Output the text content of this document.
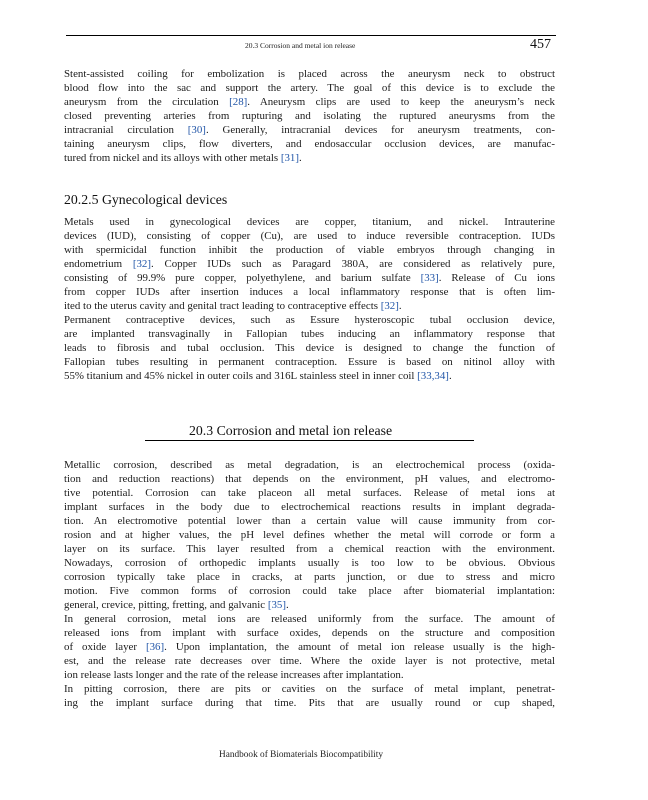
20.3 Corrosion and metal ion release	457

Stent-assisted coiling for embolization is placed across the aneurysm neck to obstruct
blood flow into the sac and support the artery. The goal of this device is to exclude the
aneurysm from the circulation [28]. Aneurysm clips are used to keep the aneurysm’s neck
closed preventing arteries from rupturing and isolating the ruptured aneurysms from the
intracranial circulation [30]. Generally, intracranial devices for aneurysm treatments, con-
taining aneurysm clips, flow diverters, and endosaccular occlusion devices, are manufac-
tured from nickel and its alloys with other metals [31].

20.2.5 Gynecological devices

Metals used in gynecological devices are copper, titanium, and nickel. Intrauterine
devices (IUD), consisting of copper (Cu), are used to induce reversible contraception. IUDs
with spermicidal function inhibit the production of viable embryos through changing in
endometrium [32]. Copper IUDs such as Paragard 380A, are considered as relatively pure,
consisting of 99.9% pure copper, polyethylene, and barium sulfate [33]. Release of Cu ions
from copper IUDs after insertion induces a local inflammatory response that is often lim-
ited to the uterus cavity and genital tract leading to contraceptive effects [32].

Permanent contraceptive devices, such as Essure hysteroscopic tubal occlusion device,
are implanted transvaginally in Fallopian tubes inducing an inflammatory response that
leads to fibrosis and tubal occlusion. This device is designed to change the function of
Fallopian tubes resulting in permanent contraception. Essure is based on nitinol alloy with
55% titanium and 45% nickel in outer coils and 316L stainless steel in inner coil [33,34].

20.3 Corrosion and metal ion release

Metallic corrosion, described as metal degradation, is an electrochemical process (oxida-
tion and reduction reactions) that depends on the environment, pH values, and electromo-
tive potential. Corrosion can take placeon all metal surfaces. Release of metal ions at
implant surfaces in the body due to electrochemical reactions results in implant degrada-
tion. An electromotive potential lower than a certain value will cause immunity from cor-
rosion and at higher values, the pH level defines whether the metal will corrode or form a
layer on its surface. This layer resulted from a chemical reaction with the environment.
Nowadays, corrosion of orthopedic implants usually is too low to be obvious. Obvious
corrosion typically take place in cracks, at parts junction, or due to stress and micro
motion. Five common forms of corrosion could take place after biomaterial implantation:
general, crevice, pitting, fretting, and galvanic [35].

In general corrosion, metal ions are released uniformly from the surface. The amount of
released ions from implant with surface oxides, depends on the structure and composition
of oxide layer [36]. Upon implantation, the amount of metal ion release usually is the high-
est, and the release rate decreases over time. Where the oxide layer is not protective, metal
ion release lasts longer and the rate of the release increases after implantation.

In pitting corrosion, there are pits or cavities on the surface of metal implant, penetrat-
ing the implant surface during that time. Pits that are usually round or cup shaped,

Handbook of Biomaterials Biocompatibility
